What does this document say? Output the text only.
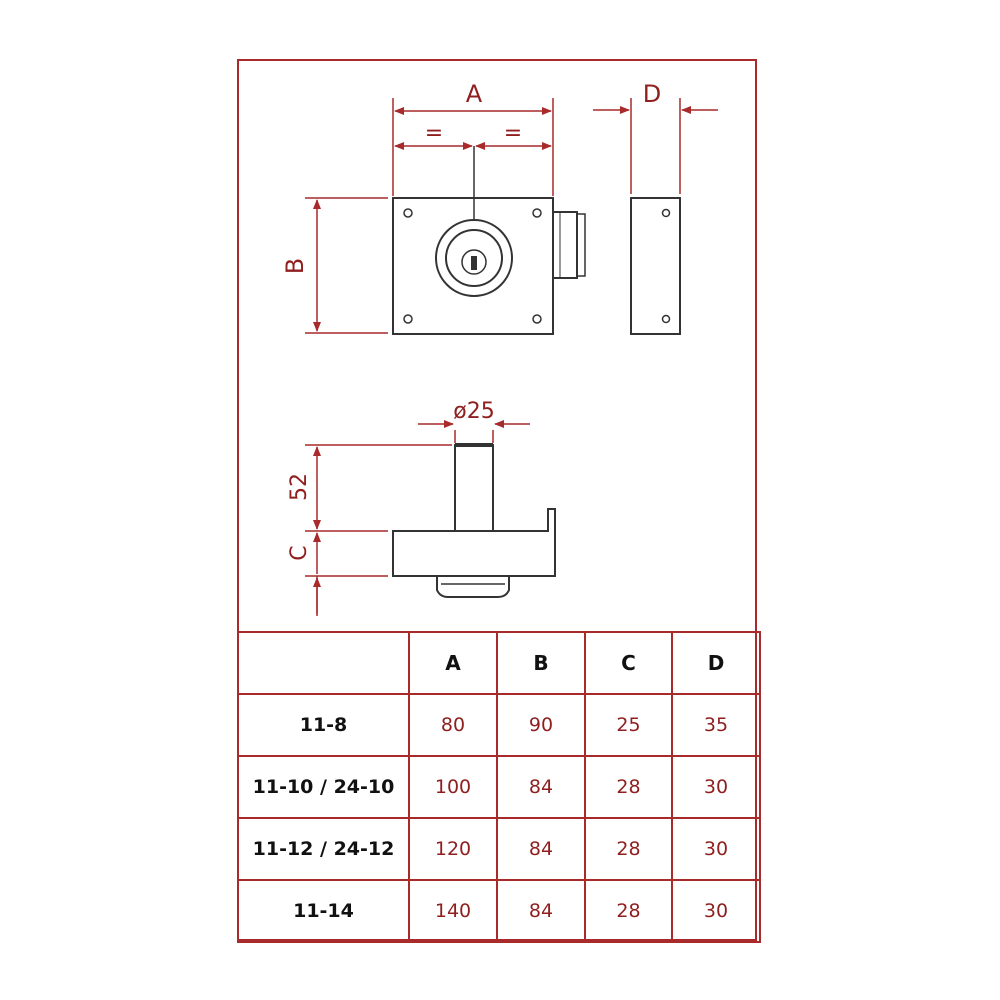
A
=	=
B
D
ø25
52
C
	A	B	C	D
11-8	80	90	25	35
11-10 / 24-10	100	84	28	30
11-12 / 24-12	120	84	28	30
11-14	140	84	28	30
